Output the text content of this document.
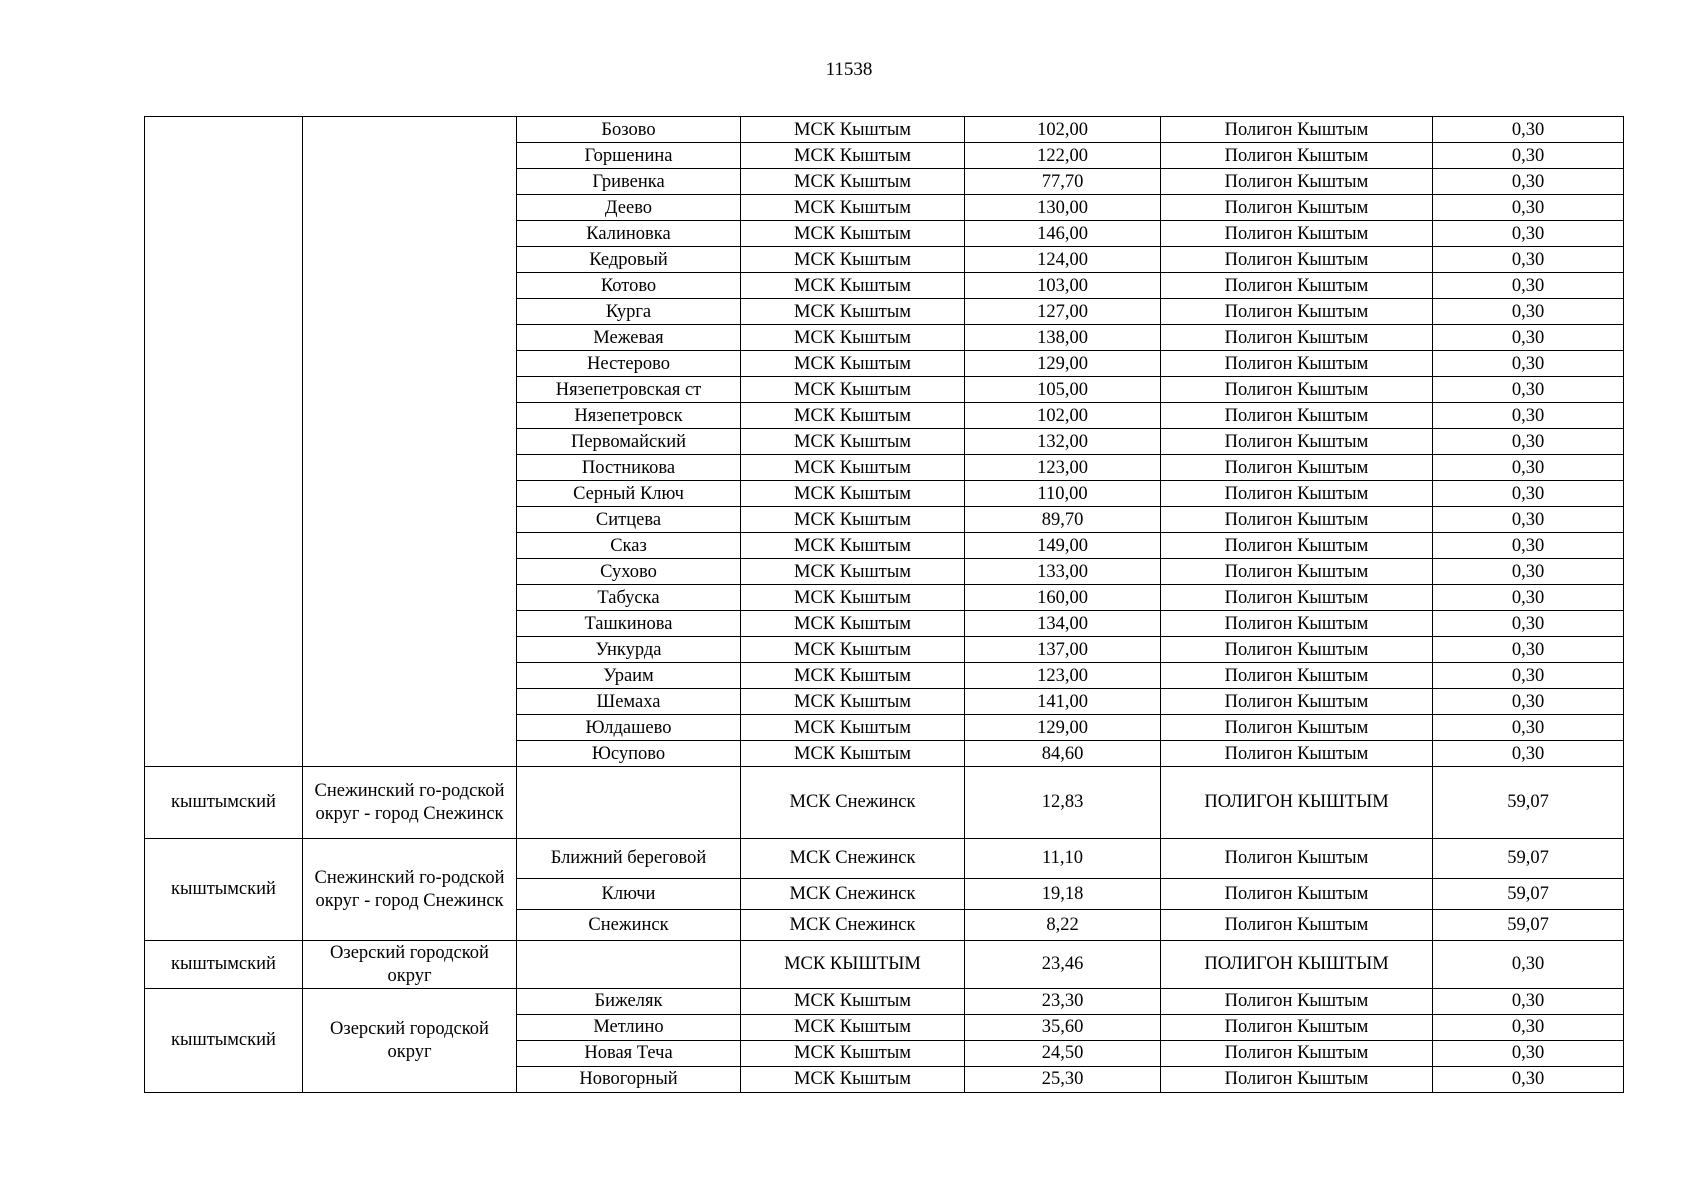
11538
		Бозово	МСК Кыштым	102,00	Полигон Кыштым	0,30
		Горшенина	МСК Кыштым	122,00	Полигон Кыштым	0,30
		Гривенка	МСК Кыштым	77,70	Полигон Кыштым	0,30
		Деево	МСК Кыштым	130,00	Полигон Кыштым	0,30
		Калиновка	МСК Кыштым	146,00	Полигон Кыштым	0,30
		Кедровый	МСК Кыштым	124,00	Полигон Кыштым	0,30
		Котово	МСК Кыштым	103,00	Полигон Кыштым	0,30
		Курга	МСК Кыштым	127,00	Полигон Кыштым	0,30
		Межевая	МСК Кыштым	138,00	Полигон Кыштым	0,30
		Нестерово	МСК Кыштым	129,00	Полигон Кыштым	0,30
		Нязепетровская ст	МСК Кыштым	105,00	Полигон Кыштым	0,30
		Нязепетровск	МСК Кыштым	102,00	Полигон Кыштым	0,30
		Первомайский	МСК Кыштым	132,00	Полигон Кыштым	0,30
		Постникова	МСК Кыштым	123,00	Полигон Кыштым	0,30
		Серный Ключ	МСК Кыштым	110,00	Полигон Кыштым	0,30
		Ситцева	МСК Кыштым	89,70	Полигон Кыштым	0,30
		Сказ	МСК Кыштым	149,00	Полигон Кыштым	0,30
		Сухово	МСК Кыштым	133,00	Полигон Кыштым	0,30
		Табуска	МСК Кыштым	160,00	Полигон Кыштым	0,30
		Ташкинова	МСК Кыштым	134,00	Полигон Кыштым	0,30
		Ункурда	МСК Кыштым	137,00	Полигон Кыштым	0,30
		Ураим	МСК Кыштым	123,00	Полигон Кыштым	0,30
		Шемаха	МСК Кыштым	141,00	Полигон Кыштым	0,30
		Юлдашево	МСК Кыштым	129,00	Полигон Кыштым	0,30
		Юсупово	МСК Кыштым	84,60	Полигон Кыштым	0,30
кыштымский	Снежинский го-родской округ - город Снежинск		МСК Снежинск	12,83	ПОЛИГОН КЫШТЫМ	59,07
кыштымский	Снежинский го-родской округ - город Снежинск	Ближний береговой	МСК Снежинск	11,10	Полигон Кыштым	59,07
		Ключи	МСК Снежинск	19,18	Полигон Кыштым	59,07
		Снежинск	МСК Снежинск	8,22	Полигон Кыштым	59,07
кыштымский	Озерский городской округ		МСК КЫШТЫМ	23,46	ПОЛИГОН КЫШТЫМ	0,30
кыштымский	Озерский городской округ	Бижеляк	МСК Кыштым	23,30	Полигон Кыштым	0,30
		Метлино	МСК Кыштым	35,60	Полигон Кыштым	0,30
		Новая Теча	МСК Кыштым	24,50	Полигон Кыштым	0,30
		Новогорный	МСК Кыштым	25,30	Полигон Кыштым	0,30
